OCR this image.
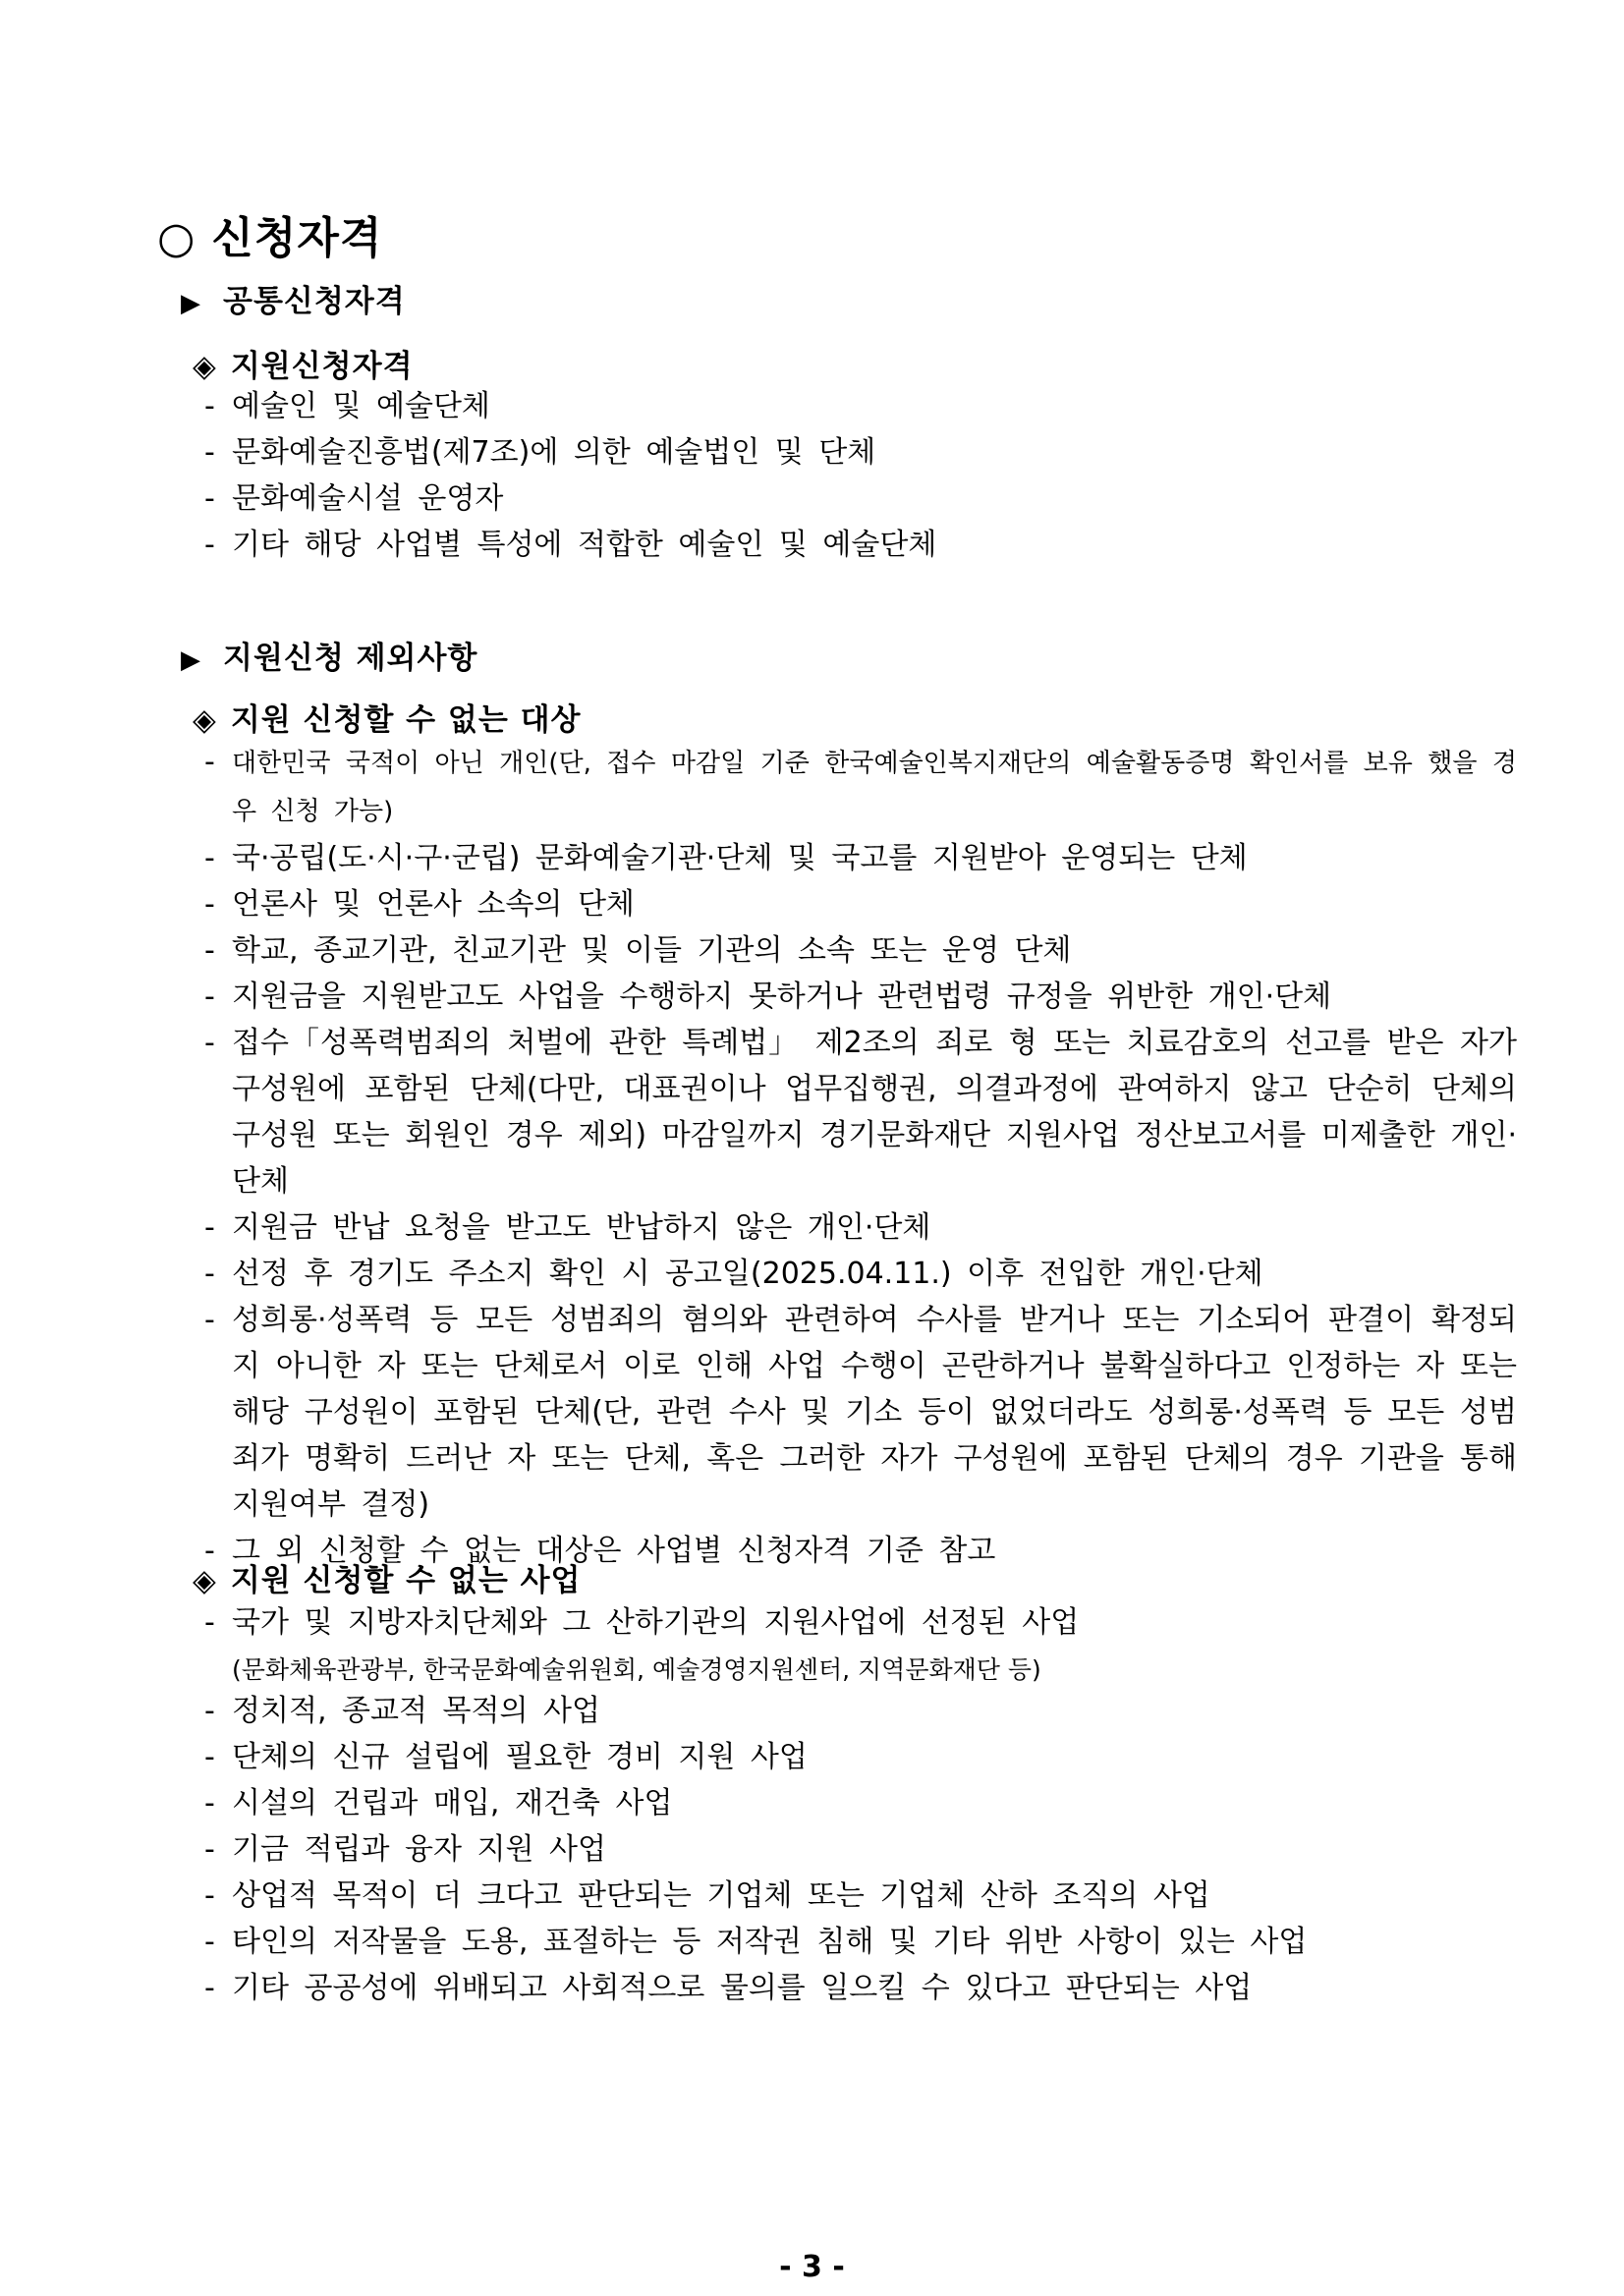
○ 신청자격
▶ 공통신청자격
◈ 지원신청자격
- 예술인 및 예술단체
- 문화예술진흥법(제7조)에 의한 예술법인 및 단체
- 문화예술시설 운영자
- 기타 해당 사업별 특성에 적합한 예술인 및 예술단체
▶ 지원신청 제외사항
◈ 지원 신청할 수 없는 대상
- 대한민국 국적이 아닌 개인(단, 접수 마감일 기준 한국예술인복지재단의 예술활동증명 확인서를 보유 했을 경우 신청 가능)
- 국·공립(도·시·구·군립) 문화예술기관·단체 및 국고를 지원받아 운영되는 단체
- 언론사 및 언론사 소속의 단체
- 학교, 종교기관, 친교기관 및 이들 기관의 소속 또는 운영 단체
- 지원금을 지원받고도 사업을 수행하지 못하거나 관련법령 규정을 위반한 개인·단체
- 접수「성폭력범죄의 처벌에 관한 특례법」 제2조의 죄로 형 또는 치료감호의 선고를 받은 자가 구성원에 포함된 단체(다만, 대표권이나 업무집행권, 의결과정에 관여하지 않고 단순히 단체의 구성원 또는 회원인 경우 제외) 마감일까지 경기문화재단 지원사업 정산보고서를 미제출한 개인·단체
- 지원금 반납 요청을 받고도 반납하지 않은 개인·단체
- 선정 후 경기도 주소지 확인 시 공고일(2025.04.11.) 이후 전입한 개인·단체
- 성희롱·성폭력 등 모든 성범죄의 혐의와 관련하여 수사를 받거나 또는 기소되어 판결이 확정되지 아니한 자 또는 단체로서 이로 인해 사업 수행이 곤란하거나 불확실하다고 인정하는 자 또는 해당 구성원이 포함된 단체(단, 관련 수사 및 기소 등이 없었더라도 성희롱·성폭력 등 모든 성범죄가 명확히 드러난 자 또는 단체, 혹은 그러한 자가 구성원에 포함된 단체의 경우 기관을 통해 지원여부 결정)
- 그 외 신청할 수 없는 대상은 사업별 신청자격 기준 참고
◈ 지원 신청할 수 없는 사업
- 국가 및 지방자치단체와 그 산하기관의 지원사업에 선정된 사업
(문화체육관광부, 한국문화예술위원회, 예술경영지원센터, 지역문화재단 등)
- 정치적, 종교적 목적의 사업
- 단체의 신규 설립에 필요한 경비 지원 사업
- 시설의 건립과 매입, 재건축 사업
- 기금 적립과 융자 지원 사업
- 상업적 목적이 더 크다고 판단되는 기업체 또는 기업체 산하 조직의 사업
- 타인의 저작물을 도용, 표절하는 등 저작권 침해 및 기타 위반 사항이 있는 사업
- 기타 공공성에 위배되고 사회적으로 물의를 일으킬 수 있다고 판단되는 사업
- 3 -
